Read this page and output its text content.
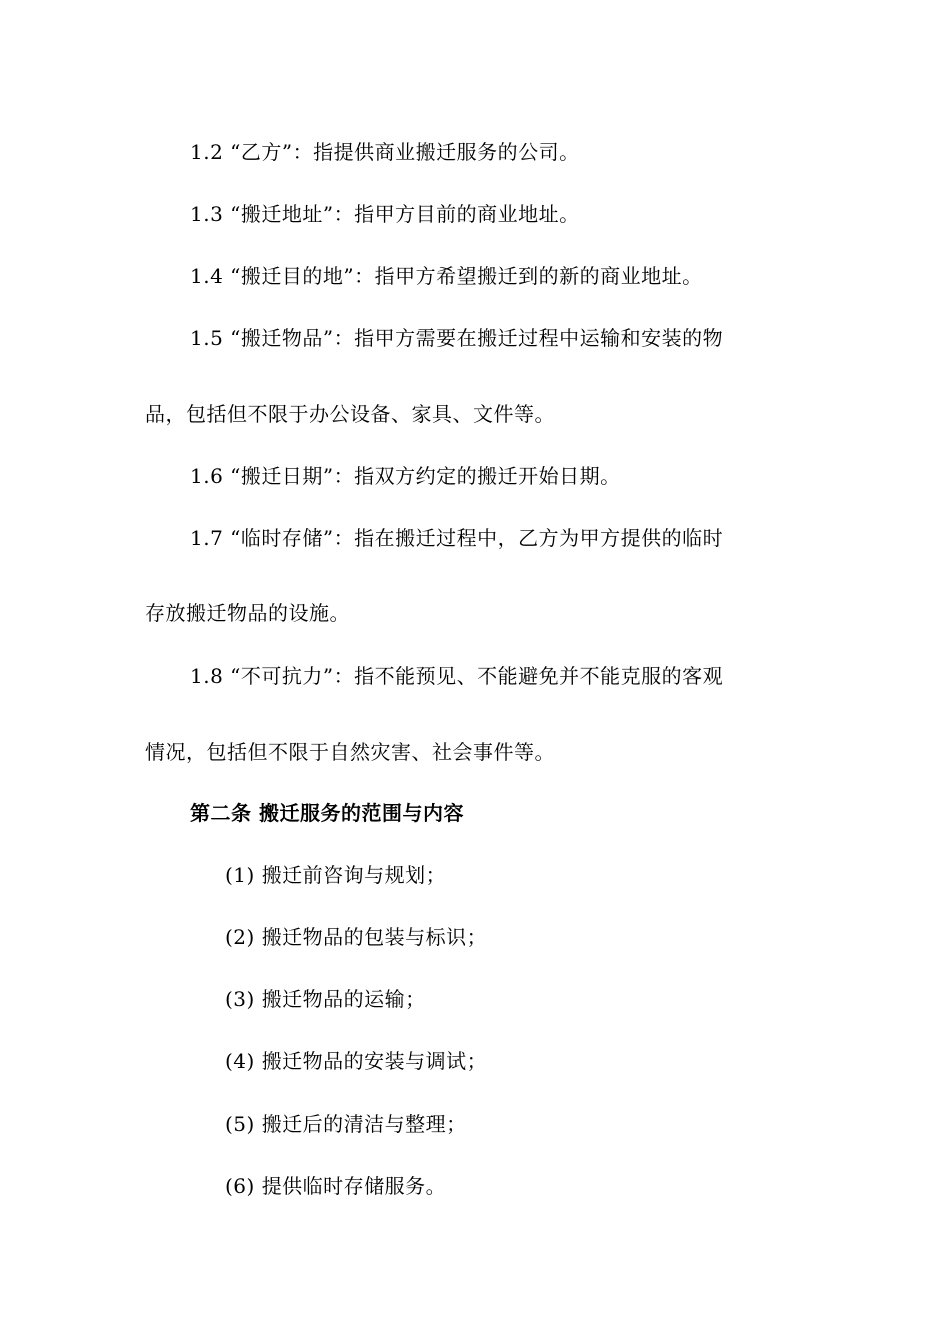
1.2 “乙方”：指提供商业搬迁服务的公司。
1.3 “搬迁地址”：指甲方目前的商业地址。
1.4 “搬迁目的地”：指甲方希望搬迁到的新的商业地址。
1.5 “搬迁物品”：指甲方需要在搬迁过程中运输和安装的物
品，包括但不限于办公设备、家具、文件等。
1.6 “搬迁日期”：指双方约定的搬迁开始日期。
1.7 “临时存储”：指在搬迁过程中，乙方为甲方提供的临时
存放搬迁物品的设施。
1.8 “不可抗力”：指不能预见、不能避免并不能克服的客观
情况，包括但不限于自然灾害、社会事件等。
第二条 搬迁服务的范围与内容
(1) 搬迁前咨询与规划；
(2) 搬迁物品的包装与标识；
(3) 搬迁物品的运输；
(4) 搬迁物品的安装与调试；
(5) 搬迁后的清洁与整理；
(6) 提供临时存储服务。
